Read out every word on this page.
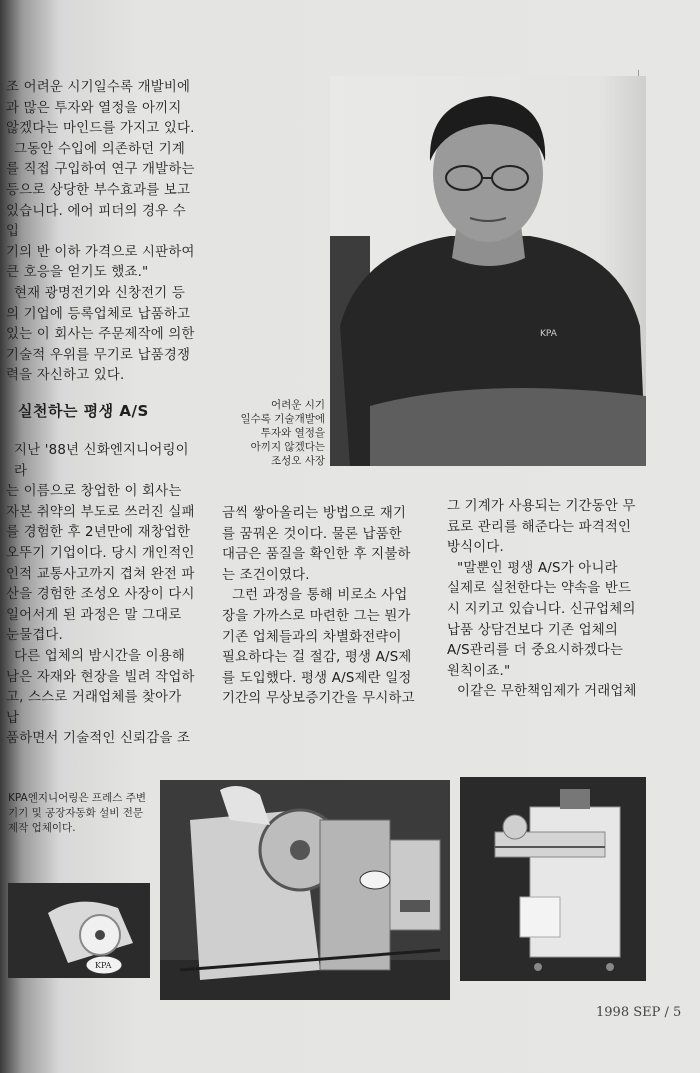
조 어려운 시기일수록 개발비에

과 많은 투자와 열정을 아끼지

않겠다는 마인드를 가지고 있다.

그동안 수입에 의존하던 기계

를 직접 구입하여 연구 개발하는

등으로 상당한 부수효과를 보고

있습니다. 에어 피더의 경우 수입

기의 반 이하 가격으로 시판하여

큰 호응을 얻기도 했죠."

현재 광명전기와 신창전기 등

의 기업에 등록업체로 납품하고

있는 이 회사는 주문제작에 의한

기술적 우위를 무기로 납품경쟁

력을 자신하고 있다.

실천하는 평생 A/S

지난 '88년 신화엔지니어링이라

는 이름으로 창업한 이 회사는

자본 취약의 부도로 쓰러진 실패

를 경험한 후 2년만에 재창업한

오뚜기 기업이다. 당시 개인적인

인적 교통사고까지 겹쳐 완전 파

산을 경험한 조성오 사장이 다시

일어서게 된 과정은 말 그대로

눈물겹다.

다른 업체의 밤시간을 이용해

남은 자재와 현장을 빌려 작업하

고, 스스로 거래업체를 찾아가 납

품하면서 기술적인 신뢰감을 조

금씩 쌓아올리는 방법으로 재기

를 꿈꿔온 것이다. 물론 납품한

대금은 품질을 확인한 후 지불하

는 조건이였다.

그런 과정을 통해 비로소 사업

장을 가까스로 마련한 그는 뭔가

기존 업체들과의 차별화전략이

필요하다는 걸 절감, 평생 A/S제

를 도입했다. 평생 A/S제란 일정

기간의 무상보증기간을 무시하고

그 기계가 사용되는 기간동안 무

료로 관리를 해준다는 파격적인

방식이다.

"말뿐인 평생 A/S가 아니라

실제로 실천한다는 약속을 반드

시 지키고 있습니다. 신규업체의

납품 상담건보다 기존 업체의

A/S관리를 더 중요시하겠다는

원칙이죠."

이같은 무한책임제가 거래업체

KPA
어려운 시기
일수록 기술개발에
투자와 열정을
아끼지 않겠다는
조성오 사장
KPA엔지니어링은 프레스 주변
기기 및 공장자동화 설비 전문
제작 업체이다.
KPA
1998 SEP / 5
